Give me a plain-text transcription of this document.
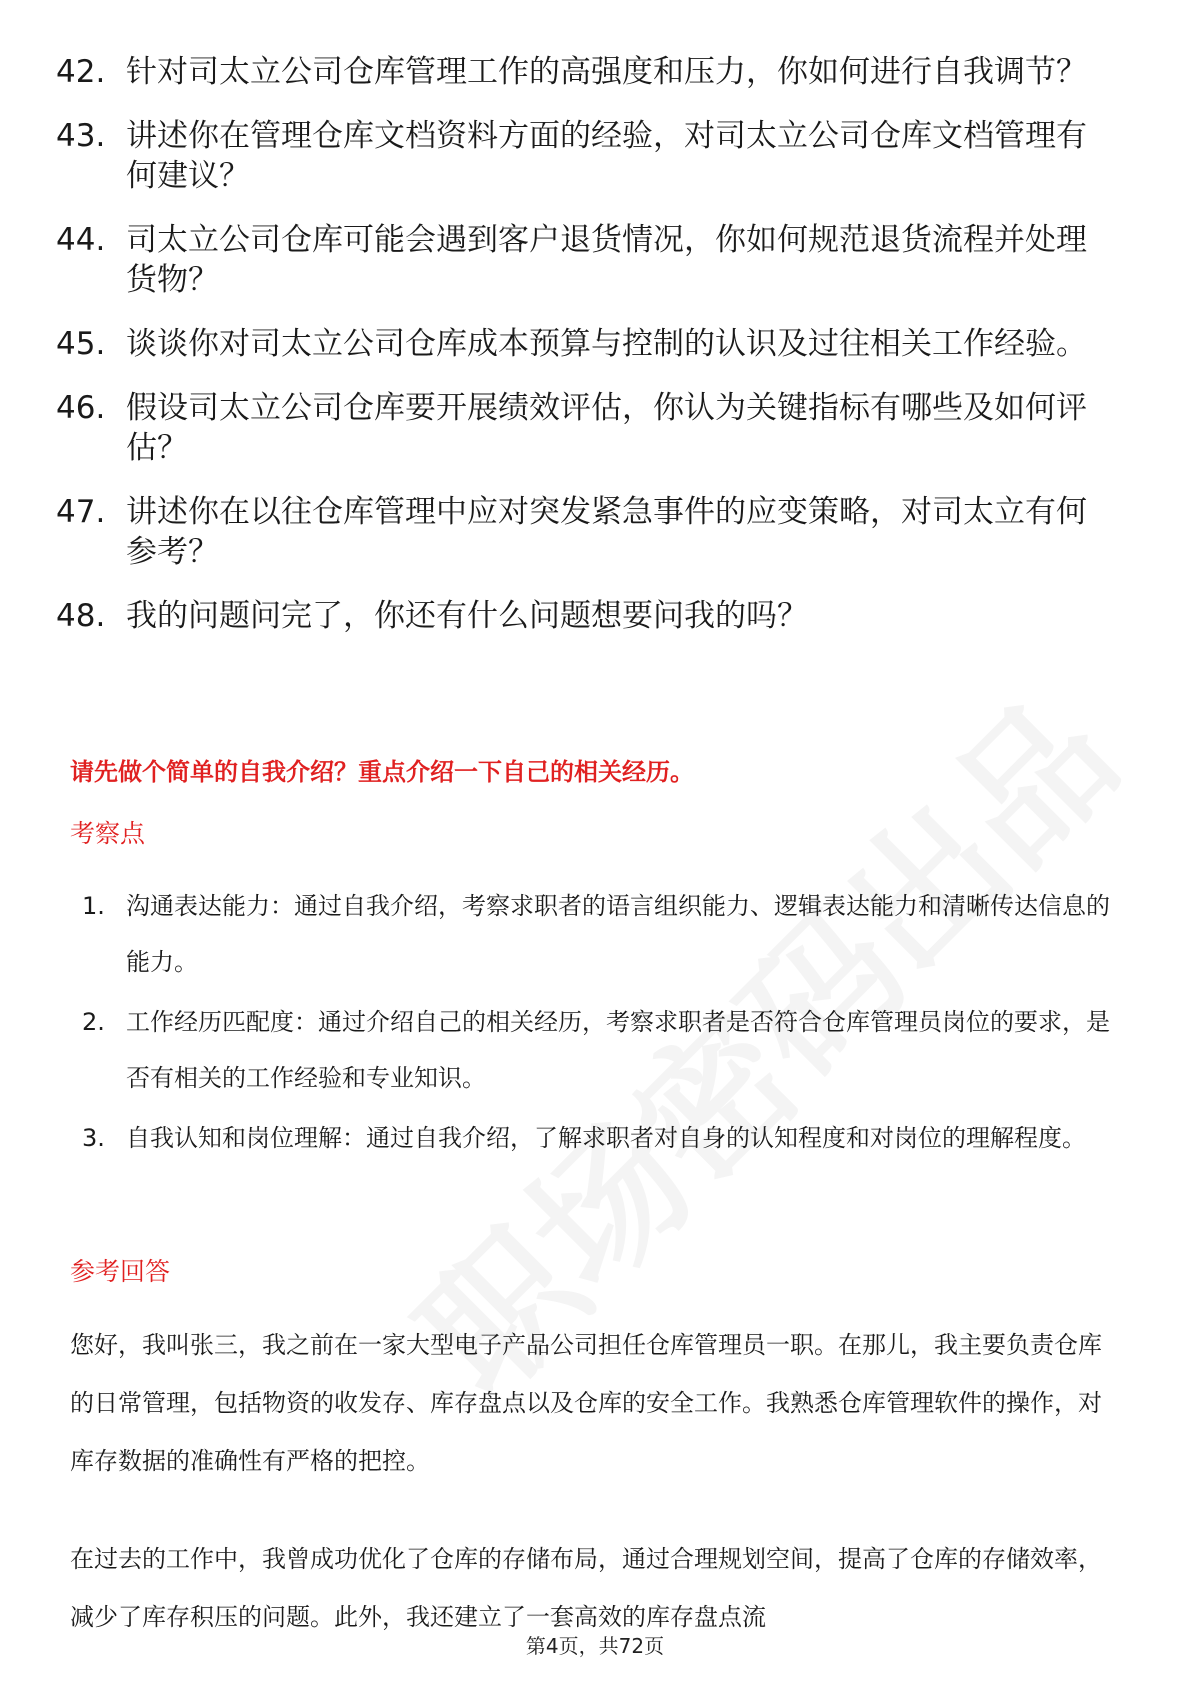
42. 针对司太立公司仓库管理工作的高强度和压力，你如何进行自我调节？
43. 讲述你在管理仓库文档资料方面的经验，对司太立公司仓库文档管理有何建议？
44. 司太立公司仓库可能会遇到客户退货情况，你如何规范退货流程并处理货物？
45. 谈谈你对司太立公司仓库成本预算与控制的认识及过往相关工作经验。
46. 假设司太立公司仓库要开展绩效评估，你认为关键指标有哪些及如何评估？
47. 讲述你在以往仓库管理中应对突发紧急事件的应变策略，对司太立有何参考？
48. 我的问题问完了，你还有什么问题想要问我的吗？
请先做个简单的自我介绍？重点介绍一下自己的相关经历。
考察点
1. 沟通表达能力：通过自我介绍，考察求职者的语言组织能力、逻辑表达能力和清晰传达信息的能力。
2. 工作经历匹配度：通过介绍自己的相关经历，考察求职者是否符合仓库管理员岗位的要求，是否有相关的工作经验和专业知识。
3. 自我认知和岗位理解：通过自我介绍，了解求职者对自身的认知程度和对岗位的理解程度。
参考回答

您好，我叫张三，我之前在一家大型电子产品公司担任仓库管理员一职。在那儿，我主要负责仓库的日常管理，包括物资的收发存、库存盘点以及仓库的安全工作。我熟悉仓库管理软件的操作，对库存数据的准确性有严格的把控。

在过去的工作中，我曾成功优化了仓库的存储布局，通过合理规划空间，提高了仓库的存储效率，减少了库存积压的问题。此外，我还建立了一套高效的库存盘点流

第4页，共72页
